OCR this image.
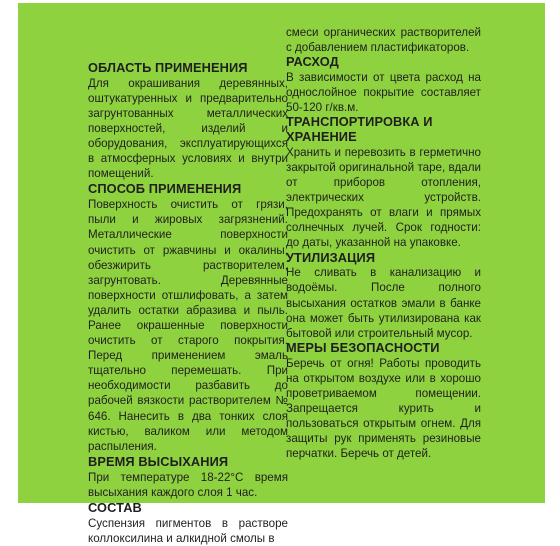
ОБЛАСТЬ ПРИМЕНЕНИЯ
Для окрашивания деревянных, оштукатуренных и предварительно загрунтованных металлических поверхностей, изделий и оборудования, эксплуатирующихся в атмосферных условиях и внутри помещений.
СПОСОБ ПРИМЕНЕНИЯ
Поверхность очистить от грязи, пыли и жировых загрязнений. Металлические поверхности очистить от ржавчины и окалины, обезжирить растворителем, загрунтовать. Деревянные поверхности отшлифовать, а затем удалить остатки абразива и пыль. Ранее окрашенные поверхности очистить от старого покрытия. Перед применением эмаль тщательно перемешать. При необходимости разбавить до рабочей вязкости растворителем № 646. Нанесить в два тонких слоя кистью, валиком или методом распыления.
ВРЕМЯ ВЫСЫХАНИЯ
При температуре 18-22°С время высыхания каждого слоя 1 час.
СОСТАВ
Суспензия пигментов в растворе коллоксилина и алкидной смолы в
смеси органических растворителей с добавлением пластификаторов.
РАСХОД
В зависимости от цвета расход на однослойное покрытие составляет 50-120 г/кв.м.
ТРАНСПОРТИРОВКА И ХРАНЕНИЕ
Хранить и перевозить в герметично закрытой оригинальной таре, вдали от приборов отопления, электрических устройств. Предохранять от влаги и прямых солнечных лучей. Срок годности: до даты, указанной на упаковке.
УТИЛИЗАЦИЯ
Не сливать в канализацию и водоёмы. После полного высыхания остатков эмали в банке она может быть утилизирована как бытовой или строительный мусор.
МЕРЫ БЕЗОПАСНОСТИ
Беречь от огня! Работы проводить на открытом воздухе или в хорошо проветриваемом помещении. Запрещается курить и пользоваться открытым огнем. Для защиты рук применять резиновые перчатки. Беречь от детей.
